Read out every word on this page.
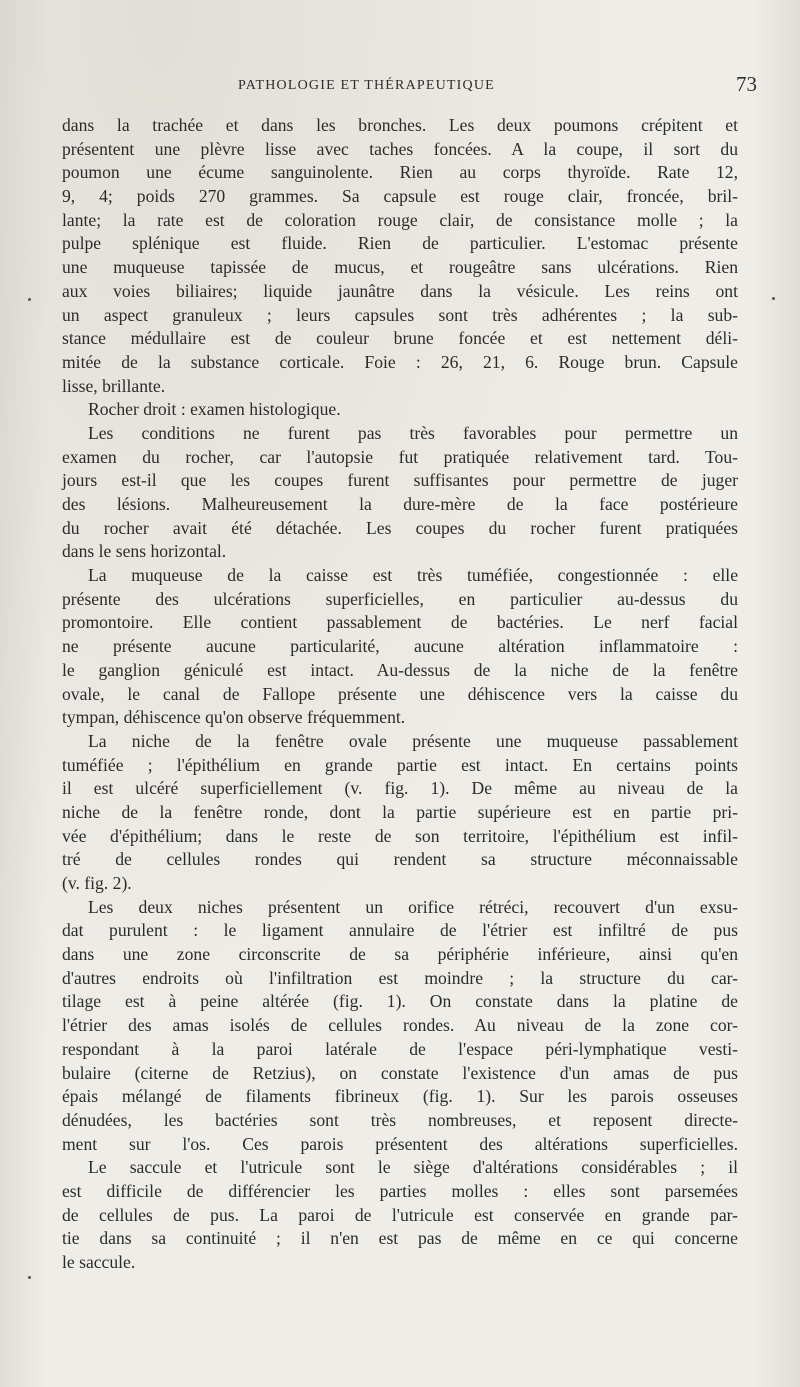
PATHOLOGIE ET THÉRAPEUTIQUE	73
dans la trachée et dans les bronches. Les deux poumons crépitent et
présentent une plèvre lisse avec taches foncées. A la coupe, il sort du
poumon une écume sanguinolente. Rien au corps thyroïde. Rate 12,
9, 4; poids 270 grammes. Sa capsule est rouge clair, froncée, bril-
lante; la rate est de coloration rouge clair, de consistance molle ; la
pulpe splénique est fluide. Rien de particulier. L'estomac présente
une muqueuse tapissée de mucus, et rougeâtre sans ulcérations. Rien
aux voies biliaires; liquide jaunâtre dans la vésicule. Les reins ont
un aspect granuleux ; leurs capsules sont très adhérentes ; la sub-
stance médullaire est de couleur brune foncée et est nettement déli-
mitée de la substance corticale. Foie : 26, 21, 6. Rouge brun. Capsule
lisse, brillante.
Rocher droit : examen histologique.
Les conditions ne furent pas très favorables pour permettre un
examen du rocher, car l'autopsie fut pratiquée relativement tard. Tou-
jours est-il que les coupes furent suffisantes pour permettre de juger
des lésions. Malheureusement la dure-mère de la face postérieure
du rocher avait été détachée. Les coupes du rocher furent pratiquées
dans le sens horizontal.
La muqueuse de la caisse est très tuméfiée, congestionnée : elle
présente des ulcérations superficielles, en particulier au-dessus du
promontoire. Elle contient passablement de bactéries. Le nerf facial
ne présente aucune particularité, aucune altération inflammatoire :
le ganglion géniculé est intact. Au-dessus de la niche de la fenêtre
ovale, le canal de Fallope présente une déhiscence vers la caisse du
tympan, déhiscence qu'on observe fréquemment.
La niche de la fenêtre ovale présente une muqueuse passablement
tuméfiée ; l'épithélium en grande partie est intact. En certains points
il est ulcéré superficiellement (v. fig. 1). De même au niveau de la
niche de la fenêtre ronde, dont la partie supérieure est en partie pri-
vée d'épithélium; dans le reste de son territoire, l'épithélium est infil-
tré de cellules rondes qui rendent sa structure méconnaissable
(v. fig. 2).
Les deux niches présentent un orifice rétréci, recouvert d'un exsu-
dat purulent : le ligament annulaire de l'étrier est infiltré de pus
dans une zone circonscrite de sa périphérie inférieure, ainsi qu'en
d'autres endroits où l'infiltration est moindre ; la structure du car-
tilage est à peine altérée (fig. 1). On constate dans la platine de
l'étrier des amas isolés de cellules rondes. Au niveau de la zone cor-
respondant à la paroi latérale de l'espace péri-lymphatique vesti-
bulaire (citerne de Retzius), on constate l'existence d'un amas de pus
épais mélangé de filaments fibrineux (fig. 1). Sur les parois osseuses
dénudées, les bactéries sont très nombreuses, et reposent directe-
ment sur l'os. Ces parois présentent des altérations superficielles.
Le saccule et l'utricule sont le siège d'altérations considérables ; il
est difficile de différencier les parties molles : elles sont parsemées
de cellules de pus. La paroi de l'utricule est conservée en grande par-
tie dans sa continuité ; il n'en est pas de même en ce qui concerne
le saccule.
